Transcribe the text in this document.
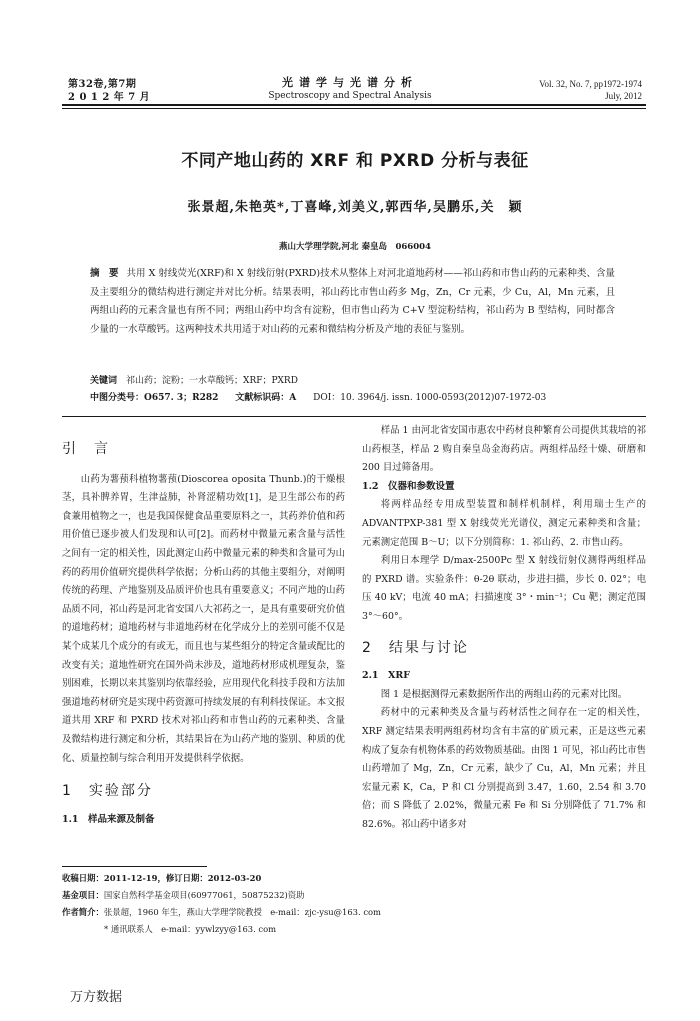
第32卷,第7期
2 0 1 2 年 7 月
光谱学与光谱分析
Spectroscopy and Spectral Analysis
Vol. 32, No. 7, pp1972-1974
July, 2012
不同产地山药的 XRF 和 PXRD 分析与表征
张景超,朱艳英*,丁喜峰,刘美义,郭西华,吴鹏乐,关　颖
燕山大学理学院,河北 秦皇岛　066004
摘　要 共用 X 射线荧光(XRF)和 X 射线衍射(PXRD)技术从整体上对河北道地药材——祁山药和市售山药的元素种类、含量及主要组分的微结构进行测定并对比分析。结果表明，祁山药比市售山药多 Mg，Zn，Cr 元素，少 Cu，Al，Mn 元素，且两组山药的元素含量也有所不同；两组山药中均含有淀粉，但市售山药为 C+V 型淀粉结构，祁山药为 B 型结构，同时都含少量的一水草酸钙。这两种技术共用适于对山药的元素和微结构分析及产地的表征与鉴别。
关键词　 祁山药；淀粉；一水草酸钙；XRF；PXRD
中图分类号：O657. 3；R282 文献标识码：A DOI：10. 3964/j. issn. 1000-0593(2012)07-1972-03
引　言

山药为薯蓣科植物薯蓣(Dioscorea oposita Thunb.)的干燥根茎，具补脾养胃，生津益肺，补肾涩精功效[1]，是卫生部公布的药食兼用植物之一，也是我国保健食品重要原料之一，其药养价值和药用价值已逐步被人们发现和认可[2]。而药材中微量元素含量与活性之间有一定的相关性，因此测定山药中微量元素的种类和含量可为山药的药用价值研究提供科学依据；分析山药的其他主要组分，对阐明传统的药理、产地鉴别及品质评价也具有重要意义；不同产地的山药品质不同，祁山药是河北省安国八大祁药之一，是具有重要研究价值的道地药材；道地药材与非道地药材在化学成分上的差别可能不仅是某个成某几个成分的有或无，而且也与某些组分的特定含量或配比的改变有关；道地性研究在国外尚未涉及，道地药材形成机理复杂，鉴别困难，长期以来其鉴别均依靠经验，应用现代化科技手段和方法加强道地药材研究是实现中药资源可持续发展的有利科技保证。本文报道共用 XRF 和 PXRD 技术对祁山药和市售山药的元素种类、含量及微结构进行测定和分析，其结果旨在为山药产地的鉴别、种质的优化、质量控制与综合利用开发提供科学依据。

1　实验部分
1.1　样品来源及制备

样品 1 由河北省安国市惠农中药材良种繁育公司提供其栽培的祁山药根茎，样品 2 购自秦皇岛金海药店。两组样品经十燥、研磨和 200 目过筛备用。

1.2　仪器和参数设置

将两样品经专用成型装置和制样机制样，利用瑞士生产的 ADVANTPXP-381 型 X 射线荧光光谱仪，测定元素种类和含量；元素测定范围 B～U；以下分别简称：1. 祁山药、2. 市售山药。

利用日本理学 D/max-2500Pc 型 X 射线衍射仪测得两组样品的 PXRD 谱。实验条件：θ-2θ 联动，步进扫描，步长 0. 02°；电压 40 kV；电流 40 mA；扫描速度 3°・min⁻¹；Cu 靶；测定范围 3°～60°。

2　结果与讨论
2.1　XRF

图 1 是根据测得元素数据所作出的两组山药的元素对比图。

药材中的元素种类及含量与药材活性之间存在一定的相关性，XRF 测定结果表明两组药材均含有丰富的矿质元素，正是这些元素构成了复杂有机物体系的药效物质基础。由图 1 可见，祁山药比市售山药增加了 Mg，Zn，Cr 元素，缺少了 Cu，Al，Mn 元素；并且宏量元素 K，Ca，P 和 Cl 分别提高到 3.47，1.60，2.54 和 3.70 倍；而 S 降低了 2.02%，微量元素 Fe 和 Si 分别降低了 71.7% 和 82.6%。祁山药中诸多对

收稿日期：2011-12-19，修订日期：2012-03-20
基金项目：国家自然科学基金项目(60977061，50875232)资助
作者简介：张景超，1960 年生，燕山大学理学院教授　e-mail：zjc-ysu@163. com
* 通讯联系人　e-mail：yywlzyy@163. com
万方数据
